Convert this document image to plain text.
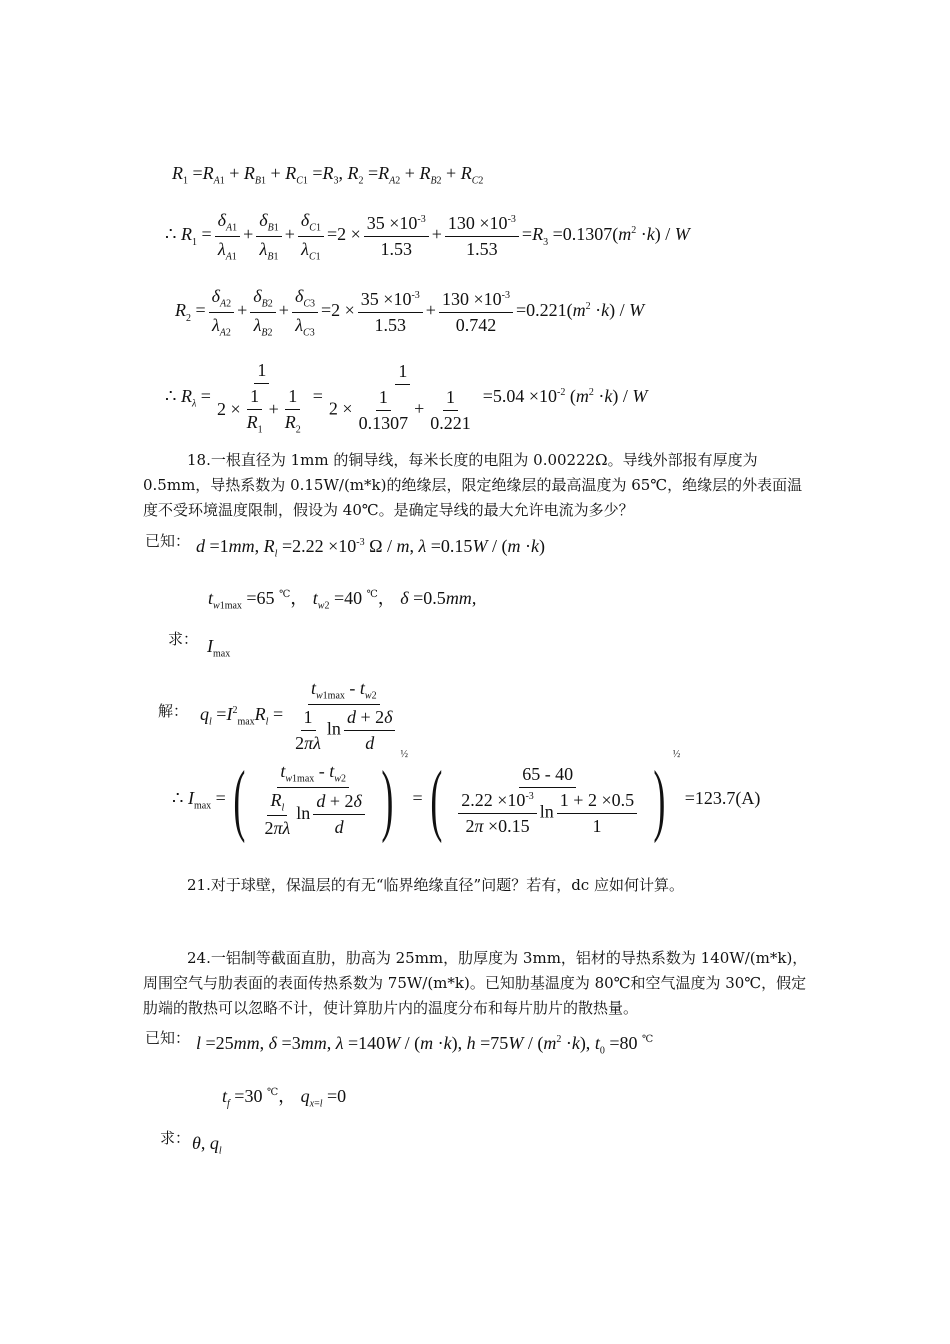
$R_1 =R_{A1} + R_{B1} + R_{C1} =R_3$, $R_2 =R_{A2} + R_{B2} + R_{C2}$
∴ $R_1 = \frac{\delta_{A1}}{\lambda_{A1}} + \frac{\delta_{B1}}{\lambda_{B1}} + \frac{\delta_{C1}}{\lambda_{C1}} =2 \times \frac{35 \times 10^{-3}}{1.53} + \frac{130 \times 10^{-3}}{1.53} =R_3 =0.1307(m^2 \cdot k) / W$
$R_2 = \frac{\delta_{A2}}{\lambda_{A2}} + \frac{\delta_{B2}}{\lambda_{B2}} + \frac{\delta_{C3}}{\lambda_{C3}} =2 \times \frac{35 \times 10^{-3}}{1.53} + \frac{130 \times 10^{-3}}{0.742} =0.221(m^2 \cdot k) / W$
∴ $R_\lambda = \frac{1}{2 \times \frac{1}{R_1} + \frac{1}{R_2}} = \frac{1}{2 \times \frac{1}{0.1307} + \frac{1}{0.221}} =5.04 \times 10^{-2}$ $(m^2 \cdot k) / W$
18.一根直径为 1mm 的铜导线，每米长度的电阻为 0.00222Ω。导线外部报有厚度为 0.5mm，导热系数为 0.15W/(m*k)的绝缘层，限定绝缘层的最高温度为 65℃，绝缘层的外表面温度不受环境温度限制，假设为 40℃。是确定导线的最大允许电流为多少？
已知： d =1mm, $R_l =2.22 \times 10^{-3}$ Ω / m, λ =0.15W / (m ·k)
$t_{w1max} =65$ ℃， $t_{w2} =40$ ℃， δ =0.5mm,
求： $I_{max}$
解： $q_l =I^2_{max}R_l = \frac{t_{w1max} - t_{w2}}{\frac{1}{2\pi\lambda} \ln \frac{d + 2\delta}{d}}$
∴ $I_{max}$ =( $\frac{t_{w1max} - t_{w2}}{\frac{R_l}{2\pi\lambda} \ln \frac{d + 2\delta}{d}} )^{\frac{1}{2}}$ =( $\frac{65 - 40}{\frac{2.22 \times 10^{-3}}{2\pi \times 0.15} \ln \frac{1 + 2 \times 0.5}{1}} )^{\frac{1}{2}} =123.7(A)$
21.对于球壁，保温层的有无“临界绝缘直径”问题？若有，dc 应如何计算。
24.一铝制等截面直肋，肋高为 25mm，肋厚度为 3mm，铝材的导热系数为 140W/(m*k)，周围空气与肋表面的表面传热系数为 75W/(m*k)。已知肋基温度为 80℃和空气温度为 30℃，假定肋端的散热可以忽略不计，使计算肋片内的温度分布和每片肋片的散热量。
已知： l =25mm, δ =3mm, λ =140W / (m ·k), $h =75W / (m^2 \cdot k)$, $t_0 =80$ ℃
$t_f =30$ ℃， $q_{x=l} =0$
求： θ, $q_l$
